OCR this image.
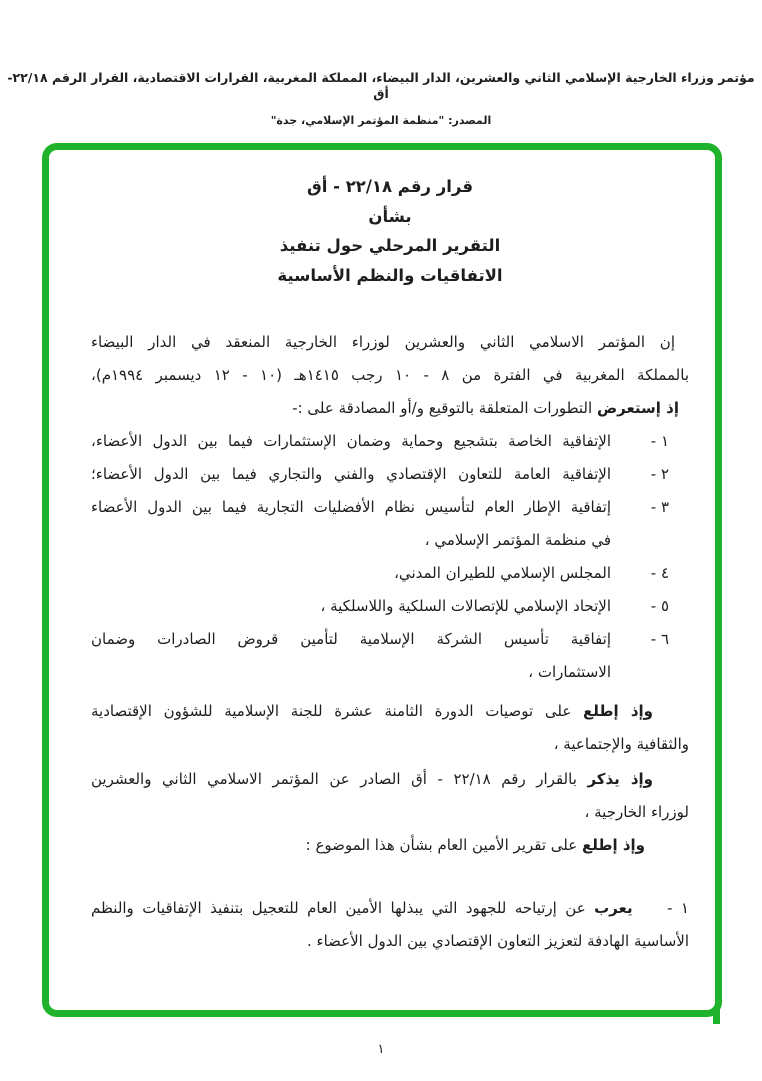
مؤتمر وزراء الخارجية الإسلامي الثاني والعشرين، الدار البيضاء، المملكة المغربية، القرارات الاقتصادية، القرار الرقم ٢٢/١٨- أق
المصدر: "منظمة المؤتمر الإسلامي، جدة"
قرار رقم ٢٢/١٨ - أق
بشأن
التقرير المرحلي حول تنفيذ
الاتفاقيات والنظم الأساسية
إن المؤتمر الاسلامي الثاني والعشرين لوزراء الخارجية المنعقد في الدار البيضاء
بالمملكة المغربية في الفترة من ٨ - ١٠ رجب ١٤١٥هـ (١٠ - ١٢ ديسمبر ١٩٩٤م)،
إذ إستعرض التطورات المتعلقة بالتوقيع و/أو المصادقة على :-
١ -
الإتفاقية الخاصة بتشجيع وحماية وضمان الإستثمارات فيما بين الدول الأعضاء،
٢ -
الإتفاقية العامة للتعاون الإقتصادي والفني والتجاري فيما بين الدول الأعضاء؛
٣ -
إتفاقية الإطار العام لتأسيس نظام الأفضليات التجارية فيما بين الدول الأعضاء
في منظمة المؤتمر الإسلامي ،
٤ -
المجلس الإسلامي للطيران المدني،
٥ -
الإتحاد الإسلامي للإتصالات السلكية واللاسلكية ،
٦ -
إتفاقية تأسيس الشركة الإسلامية لتأمين قروض الصادرات وضمان
الاستثمارات ،
وإذ إطلع على توصيات الدورة الثامنة عشرة للجنة الإسلامية للشؤون الإقتصادية
والثقافية والإجتماعية ،
وإذ يذكر بالقرار رقم ٢٢/١٨ - أق الصادر عن المؤتمر الاسلامي الثاني والعشرين
لوزراء الخارجية ،
وإذ إطلع على تقرير الأمين العام بشأن هذا الموضوع :
١ - يعرب عن إرتياحه للجهود التي يبذلها الأمين العام للتعجيل بتنفيذ الإتفاقيات والنظم
الأساسية الهادفة لتعزيز التعاون الإقتصادي بين الدول الأعضاء .
١
